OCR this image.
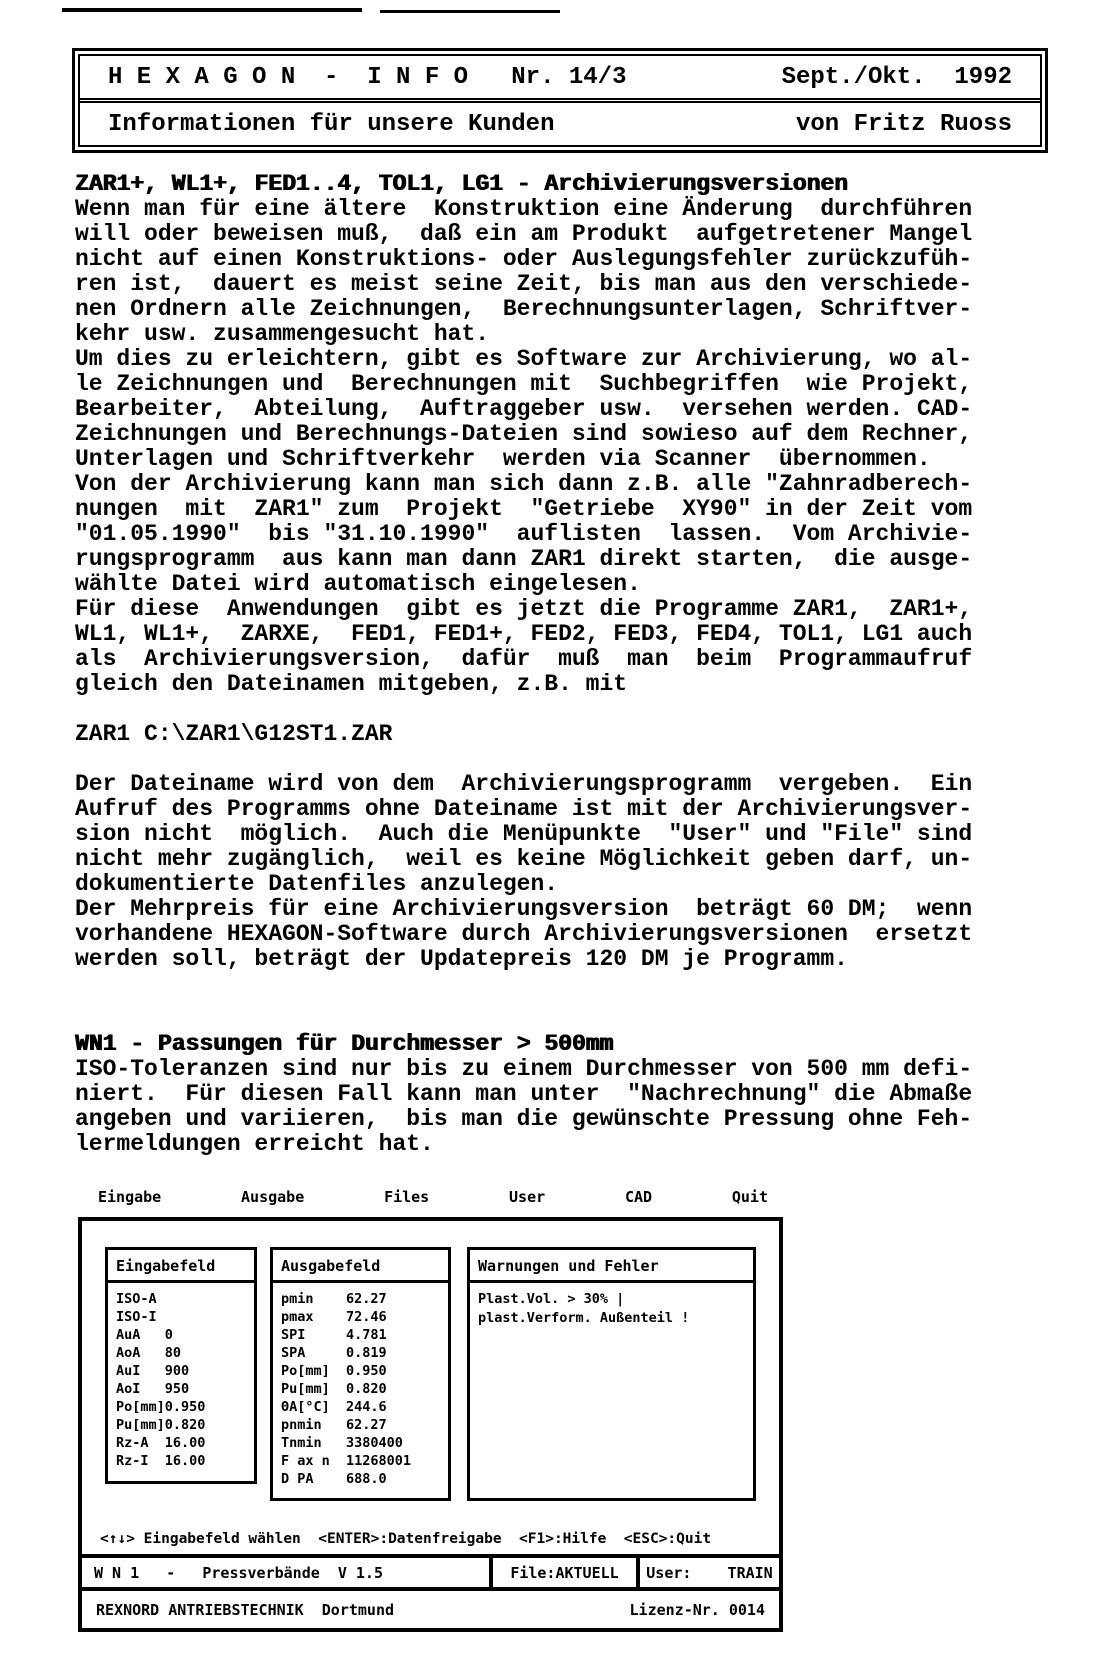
H E X A G O N  -  I N F O   Nr. 14/3	Sept./Okt.  1992
Informationen für unsere Kunden	von Fritz Ruoss
ZAR1+, WL1+, FED1..4, TOL1, LG1 - Archivierungsversionen
Wenn man für eine ältere  Konstruktion eine Änderung  durchführen
will oder beweisen muß,  daß ein am Produkt  aufgetretener Mangel
nicht auf einen Konstruktions- oder Auslegungsfehler zurückzufüh-
ren ist,  dauert es meist seine Zeit, bis man aus den verschiede-
nen Ordnern alle Zeichnungen,  Berechnungsunterlagen, Schriftver-
kehr usw. zusammengesucht hat.
Um dies zu erleichtern, gibt es Software zur Archivierung, wo al-
le Zeichnungen und  Berechnungen mit  Suchbegriffen  wie Projekt,
Bearbeiter,  Abteilung,  Auftraggeber usw.  versehen werden. CAD-
Zeichnungen und Berechnungs-Dateien sind sowieso auf dem Rechner,
Unterlagen und Schriftverkehr  werden via Scanner  übernommen.
Von der Archivierung kann man sich dann z.B. alle "Zahnradberech-
nungen  mit  ZAR1" zum  Projekt  "Getriebe  XY90" in der Zeit vom
"01.05.1990"  bis "31.10.1990"  auflisten  lassen.  Vom Archivie-
rungsprogramm  aus kann man dann ZAR1 direkt starten,  die ausge-
wählte Datei wird automatisch eingelesen.
Für diese  Anwendungen  gibt es jetzt die Programme ZAR1,  ZAR1+,
WL1, WL1+,  ZARXE,  FED1, FED1+, FED2, FED3, FED4, TOL1, LG1 auch
als  Archivierungsversion,  dafür  muß  man  beim  Programmaufruf
gleich den Dateinamen mitgeben, z.B. mit
ZAR1 C:\ZAR1\G12ST1.ZAR
Der Dateiname wird von dem  Archivierungsprogramm  vergeben.  Ein
Aufruf des Programms ohne Dateiname ist mit der Archivierungsver-
sion nicht  möglich.  Auch die Menüpunkte  "User" und "File" sind
nicht mehr zugänglich,  weil es keine Möglichkeit geben darf, un-
dokumentierte Datenfiles anzulegen.
Der Mehrpreis für eine Archivierungsversion  beträgt 60 DM;  wenn
vorhandene HEXAGON-Software durch Archivierungsversionen  ersetzt
werden soll, beträgt der Updatepreis 120 DM je Programm.
WN1 - Passungen für Durchmesser > 500mm
ISO-Toleranzen sind nur bis zu einem Durchmesser von 500 mm defi-
niert.  Für diesen Fall kann man unter  "Nachrechnung" die Abmaße
angeben und variieren,  bis man die gewünschte Pressung ohne Feh-
lermeldungen erreicht hat.
Eingabe	Ausgabe	Files	User	CAD	Quit
Eingabefeld
ISO-A
ISO-I
AuA 0
AoA 80
AuI 900
AoI 950
Po[mm]0.950
Pu[mm]0.820
Rz-A 16.00
Rz-I 16.00
Ausgabefeld
pmin 62.27
pmax 72.46
SPI	4.781
SPA	0.819
Po[mm] 0.950
Pu[mm] 0.820
ΘA[°C] 244.6
pnmin 62.27
Tnmin 3380400
F ax n 11268001
D PA 688.0
Warnungen und Fehler
Plast.Vol. > 30% |
plast.Verform. Außenteil !
<↑↓> Eingabefeld wählen  <ENTER>:Datenfreigabe  <F1>:Hilfe  <ESC>:Quit
W N 1   -   Pressverbände  V 1.5	File:AKTUELL	User:    TRAIN
REXNORD ANTRIEBSTECHNIK  Dortmund	Lizenz-Nr. 0014
